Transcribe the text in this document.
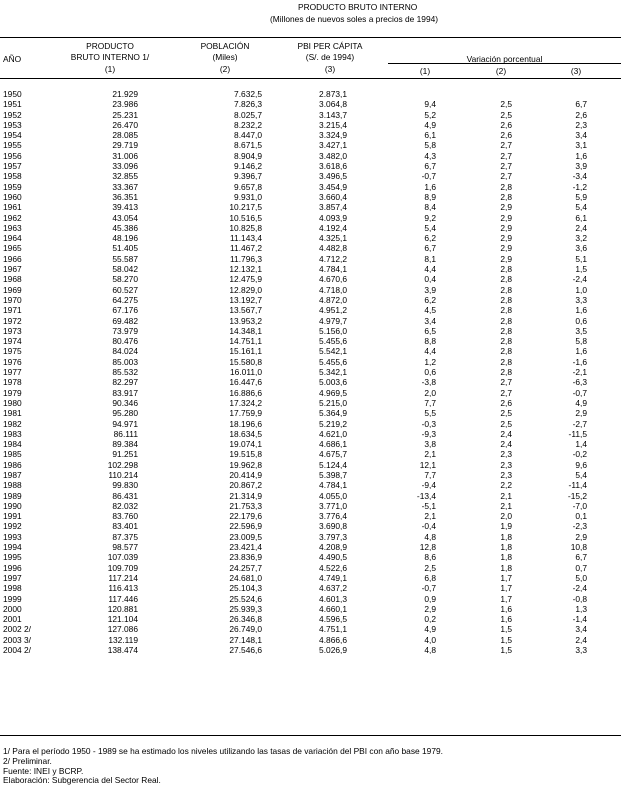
PRODUCTO BRUTO INTERNO
(Millones de nuevos soles a precios de 1994)
AÑO
PRODUCTO
BRUTO INTERNO 1/
(1)
POBLACIÓN
(Miles)
(2)
PBI PER CÁPITA
(S/. de 1994)
(3)
Variación porcentual
(1)	(2)	(3)
1950	21.929	7.632,5	2.873,1
1951	23.986	7.826,3	3.064,8	9,4	2,5	6,7
1952	25.231	8.025,7	3.143,7	5,2	2,5	2,6
1953	26.470	8.232,2	3.215,4	4,9	2,6	2,3
1954	28.085	8.447,0	3.324,9	6,1	2,6	3,4
1955	29.719	8.671,5	3.427,1	5,8	2,7	3,1
1956	31.006	8.904,9	3.482,0	4,3	2,7	1,6
1957	33.096	9.146,2	3.618,6	6,7	2,7	3,9
1958	32.855	9.396,7	3.496,5	-0,7	2,7	-3,4
1959	33.367	9.657,8	3.454,9	1,6	2,8	-1,2
1960	36.351	9.931,0	3.660,4	8,9	2,8	5,9
1961	39.413	10.217,5	3.857,4	8,4	2,9	5,4
1962	43.054	10.516,5	4.093,9	9,2	2,9	6,1
1963	45.386	10.825,8	4.192,4	5,4	2,9	2,4
1964	48.196	11.143,4	4.325,1	6,2	2,9	3,2
1965	51.405	11.467,2	4.482,8	6,7	2,9	3,6
1966	55.587	11.796,3	4.712,2	8,1	2,9	5,1
1967	58.042	12.132,1	4.784,1	4,4	2,8	1,5
1968	58.270	12.475,9	4.670,6	0,4	2,8	-2,4
1969	60.527	12.829,0	4.718,0	3,9	2,8	1,0
1970	64.275	13.192,7	4.872,0	6,2	2,8	3,3
1971	67.176	13.567,7	4.951,2	4,5	2,8	1,6
1972	69.482	13.953,2	4.979,7	3,4	2,8	0,6
1973	73.979	14.348,1	5.156,0	6,5	2,8	3,5
1974	80.476	14.751,1	5.455,6	8,8	2,8	5,8
1975	84.024	15.161,1	5.542,1	4,4	2,8	1,6
1976	85.003	15.580,8	5.455,6	1,2	2,8	-1,6
1977	85.532	16.011,0	5.342,1	0,6	2,8	-2,1
1978	82.297	16.447,6	5.003,6	-3,8	2,7	-6,3
1979	83.917	16.886,6	4.969,5	2,0	2,7	-0,7
1980	90.346	17.324,2	5.215,0	7,7	2,6	4,9
1981	95.280	17.759,9	5.364,9	5,5	2,5	2,9
1982	94.971	18.196,6	5.219,2	-0,3	2,5	-2,7
1983	86.111	18.634,5	4.621,0	-9,3	2,4	-11,5
1984	89.384	19.074,1	4.686,1	3,8	2,4	1,4
1985	91.251	19.515,8	4.675,7	2,1	2,3	-0,2
1986	102.298	19.962,8	5.124,4	12,1	2,3	9,6
1987	110.214	20.414,9	5.398,7	7,7	2,3	5,4
1988	99.830	20.867,2	4.784,1	-9,4	2,2	-11,4
1989	86.431	21.314,9	4.055,0	-13,4	2,1	-15,2
1990	82.032	21.753,3	3.771,0	-5,1	2,1	-7,0
1991	83.760	22.179,6	3.776,4	2,1	2,0	0,1
1992	83.401	22.596,9	3.690,8	-0,4	1,9	-2,3
1993	87.375	23.009,5	3.797,3	4,8	1,8	2,9
1994	98.577	23.421,4	4.208,9	12,8	1,8	10,8
1995	107.039	23.836,9	4.490,5	8,6	1,8	6,7
1996	109.709	24.257,7	4.522,6	2,5	1,8	0,7
1997	117.214	24.681,0	4.749,1	6,8	1,7	5,0
1998	116.413	25.104,3	4.637,2	-0,7	1,7	-2,4
1999	117.446	25.524,6	4.601,3	0,9	1,7	-0,8
2000	120.881	25.939,3	4.660,1	2,9	1,6	1,3
2001	121.104	26.346,8	4.596,5	0,2	1,6	-1,4
2002 2/	127.086	26.749,0	4.751,1	4,9	1,5	3,4
2003 3/	132.119	27.148,1	4.866,6	4,0	1,5	2,4
2004 2/	138.474	27.546,6	5.026,9	4,8	1,5	3,3
1/ Para el período 1950 - 1989 se ha estimado los niveles utilizando las tasas de variación del PBI con año base 1979.
2/ Preliminar.
Fuente: INEI y BCRP.
Elaboración: Subgerencia del Sector Real.
